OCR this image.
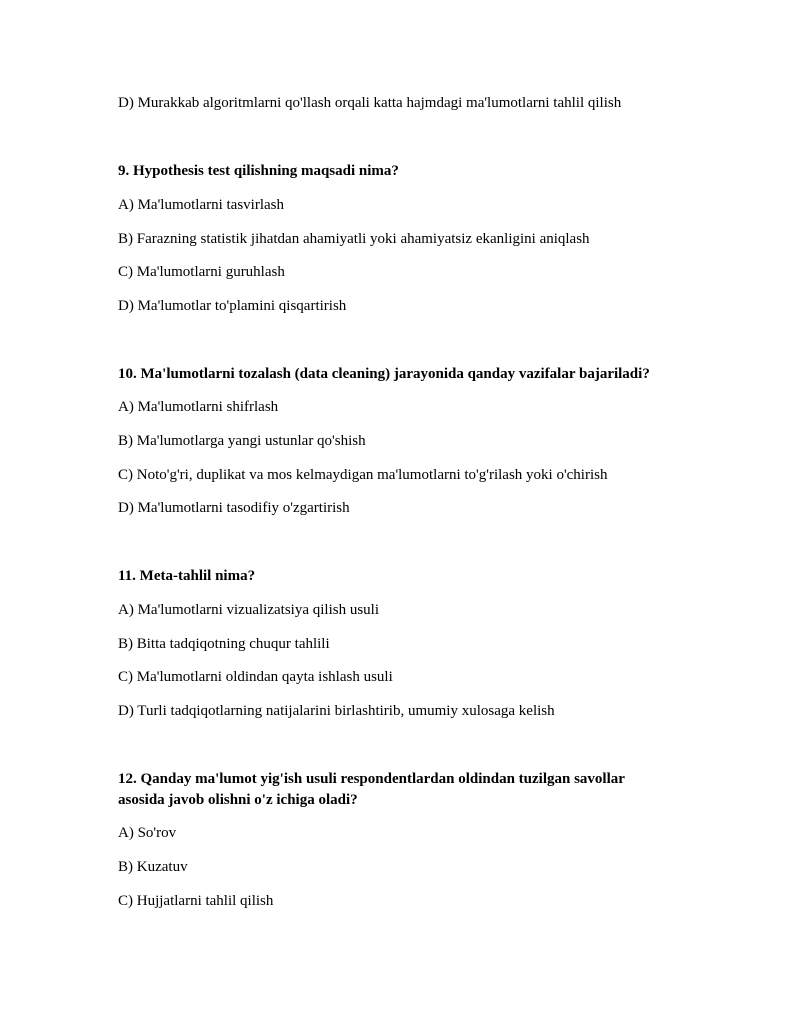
D) Murakkab algoritmlarni qo'llash orqali katta hajmdagi ma'lumotlarni tahlil qilish
9. Hypothesis test qilishning maqsadi nima?
A) Ma'lumotlarni tasvirlash
B) Farazning statistik jihatdan ahamiyatli yoki ahamiyatsiz ekanligini aniqlash
C) Ma'lumotlarni guruhlash
D) Ma'lumotlar to'plamini qisqartirish
10. Ma'lumotlarni tozalash (data cleaning) jarayonida qanday vazifalar bajariladi?
A) Ma'lumotlarni shifrlash
B) Ma'lumotlarga yangi ustunlar qo'shish
C) Noto'g'ri, duplikat va mos kelmaydigan ma'lumotlarni to'g'rilash yoki o'chirish
D) Ma'lumotlarni tasodifiy o'zgartirish
11. Meta-tahlil nima?
A) Ma'lumotlarni vizualizatsiya qilish usuli
B) Bitta tadqiqotning chuqur tahlili
C) Ma'lumotlarni oldindan qayta ishlash usuli
D) Turli tadqiqotlarning natijalarini birlashtirib, umumiy xulosaga kelish
12. Qanday ma'lumot yig'ish usuli respondentlardan oldindan tuzilgan savollar
asosida javob olishni o'z ichiga oladi?
A) So'rov
B) Kuzatuv
C) Hujjatlarni tahlil qilish
